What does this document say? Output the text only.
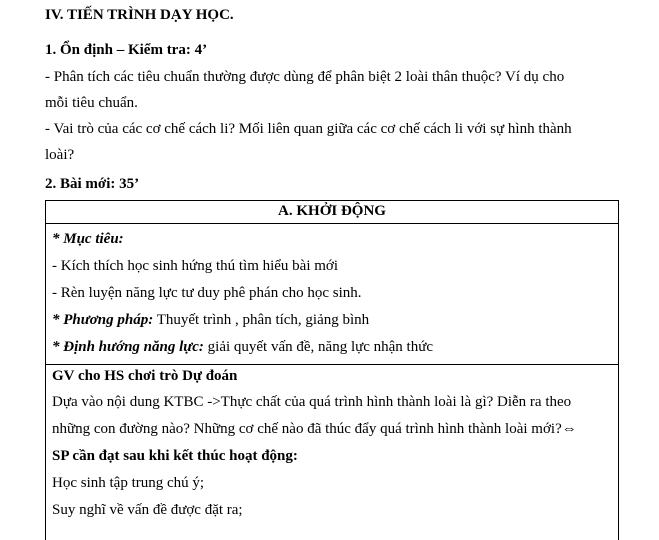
IV. TIẾN TRÌNH DẠY HỌC.
1. Ổn định – Kiểm tra: 4’
- Phân tích các tiêu chuẩn thường được dùng để phân biệt 2 loài thân thuộc? Ví dụ cho
mỗi tiêu chuẩn.
- Vai trò của các cơ chế cách li? Mối liên quan giữa các cơ chế cách li với sự hình thành
loài?
2. Bài mới: 35’
A. KHỞI ĐỘNG
* Mục tiêu:
- Kích thích học sinh hứng thú tìm hiểu bài mới
- Rèn luyện năng lực tư duy phê phán cho học sinh.
* Phương pháp: Thuyết trình , phân tích, giảng bình
* Định hướng năng lực: giải quyết vấn đề, năng lực nhận thức
GV cho HS chơi trò Dự đoán
Dựa vào nội dung KTBC ->Thực chất của quá trình hình thành loài là gì? Diễn ra theo
những con đường nào? Những cơ chế nào đã thúc đẩy quá trình hình thành loài mới?⇔
SP cần đạt sau khi kết thúc hoạt động:
Học sinh tập trung chú ý;
Suy nghĩ về vấn đề được đặt ra;
